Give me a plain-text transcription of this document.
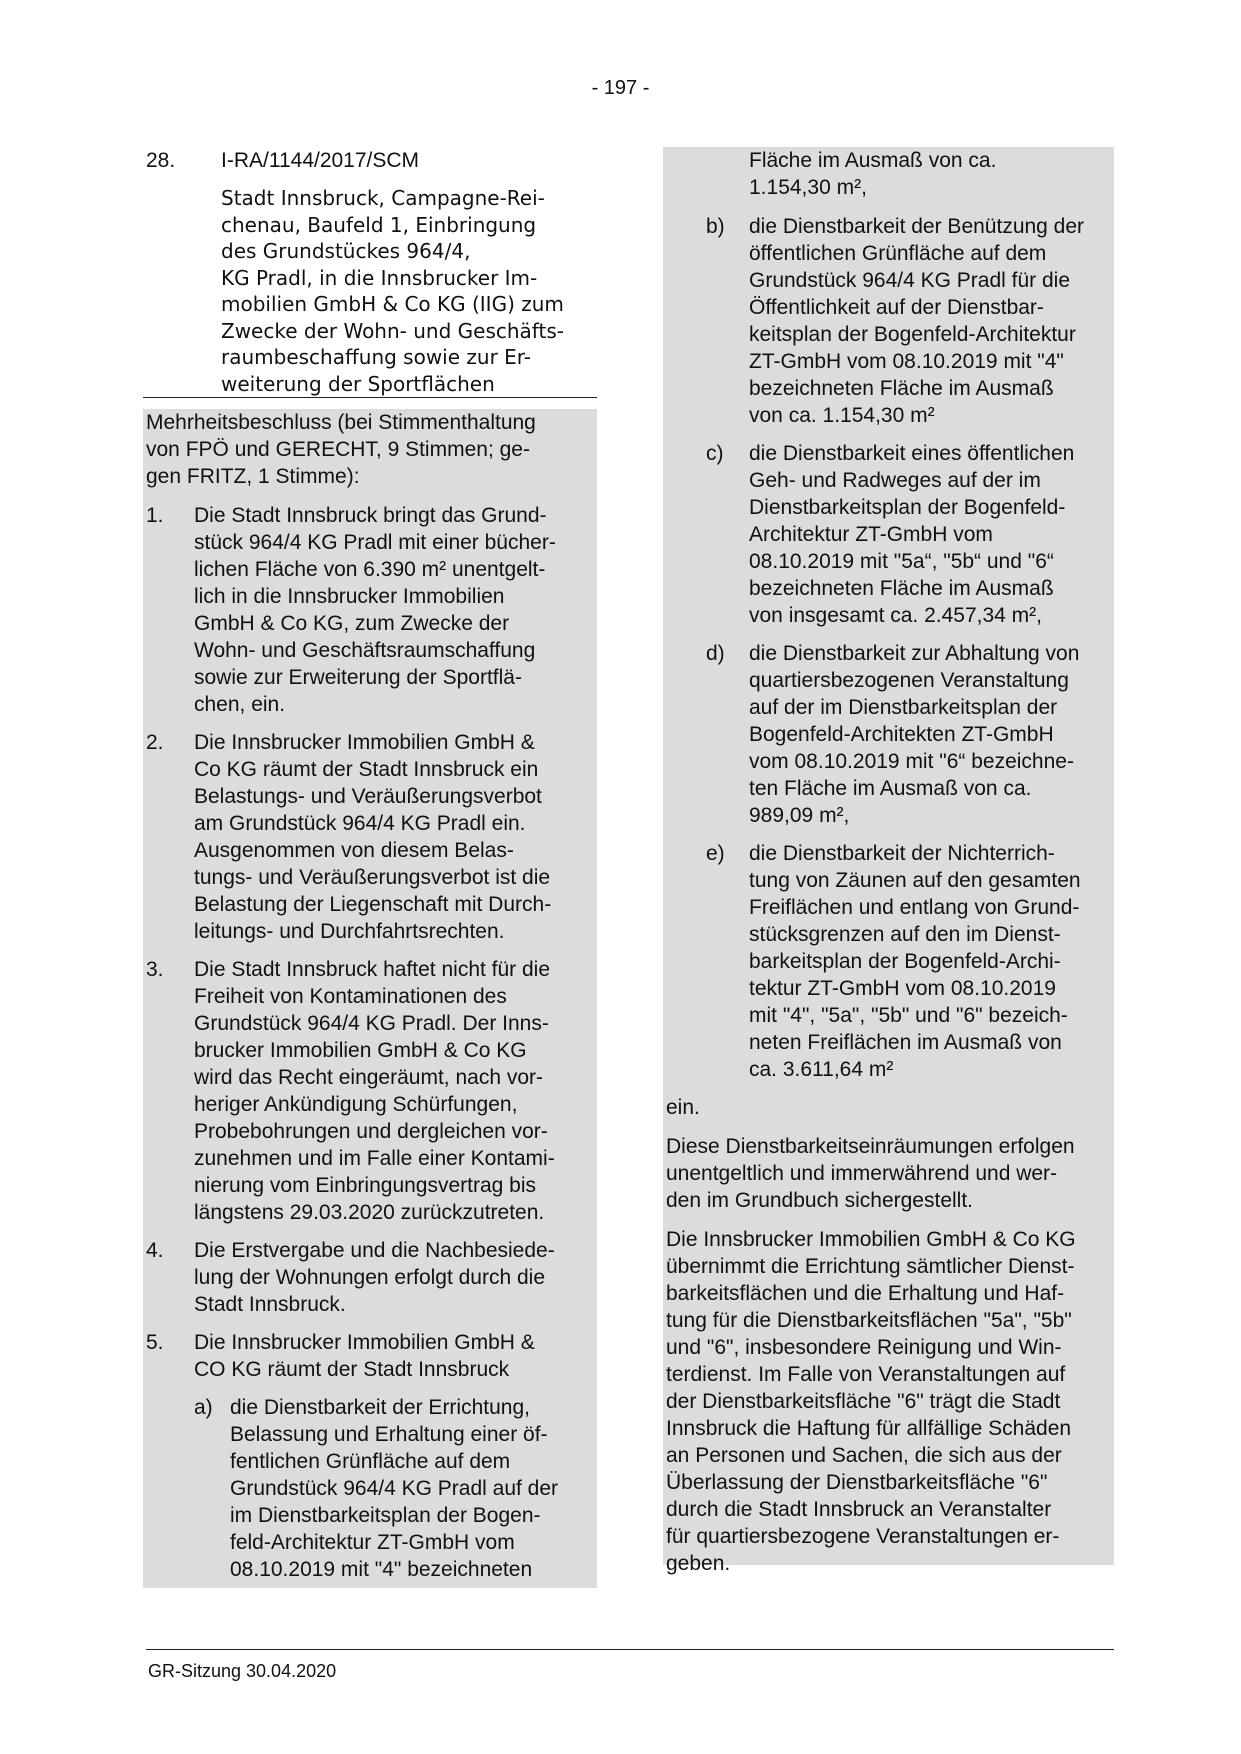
- 197 -
28. I-RA/1144/2017/SCM
Stadt Innsbruck, Campagne-Rei-
chenau, Baufeld 1, Einbringung
des Grundstückes 964/4,
KG Pradl, in die Innsbrucker Im-
mobilien GmbH & Co KG (IIG) zum
Zwecke der Wohn- und Geschäfts-
raumbeschaffung sowie zur Er-
weiterung der Sportflächen
Mehrheitsbeschluss (bei Stimmenthaltung
von FPÖ und GERECHT, 9 Stimmen; ge-
gen FRITZ, 1 Stimme):
1. Die Stadt Innsbruck bringt das Grund-
stück 964/4 KG Pradl mit einer bücher-
lichen Fläche von 6.390 m² unentgelt-
lich in die Innsbrucker Immobilien
GmbH & Co KG, zum Zwecke der
Wohn- und Geschäftsraumschaffung
sowie zur Erweiterung der Sportflä-
chen, ein.
2. Die Innsbrucker Immobilien GmbH &
Co KG räumt der Stadt Innsbruck ein
Belastungs- und Veräußerungsverbot
am Grundstück 964/4 KG Pradl ein.
Ausgenommen von diesem Belas-
tungs- und Veräußerungsverbot ist die
Belastung der Liegenschaft mit Durch-
leitungs- und Durchfahrtsrechten.
3. Die Stadt Innsbruck haftet nicht für die
Freiheit von Kontaminationen des
Grundstück 964/4 KG Pradl. Der Inns-
brucker Immobilien GmbH & Co KG
wird das Recht eingeräumt, nach vor-
heriger Ankündigung Schürfungen,
Probebohrungen und dergleichen vor-
zunehmen und im Falle einer Kontami-
nierung vom Einbringungsvertrag bis
längstens 29.03.2020 zurückzutreten.
4. Die Erstvergabe und die Nachbesiede-
lung der Wohnungen erfolgt durch die
Stadt Innsbruck.
5. Die Innsbrucker Immobilien GmbH &
CO KG räumt der Stadt Innsbruck
a) die Dienstbarkeit der Errichtung,
Belassung und Erhaltung einer öf-
fentlichen Grünfläche auf dem
Grundstück 964/4 KG Pradl auf der
im Dienstbarkeitsplan der Bogen-
feld-Architektur ZT-GmbH vom
08.10.2019 mit "4" bezeichneten
Fläche im Ausmaß von ca.
1.154,30 m²,
b) die Dienstbarkeit der Benützung der
öffentlichen Grünfläche auf dem
Grundstück 964/4 KG Pradl für die
Öffentlichkeit auf der Dienstbar-
keitsplan der Bogenfeld-Architektur
ZT-GmbH vom 08.10.2019 mit "4"
bezeichneten Fläche im Ausmaß
von ca. 1.154,30 m²
c) die Dienstbarkeit eines öffentlichen
Geh- und Radweges auf der im
Dienstbarkeitsplan der Bogenfeld-
Architektur ZT-GmbH vom
08.10.2019 mit "5a“, "5b“ und "6“
bezeichneten Fläche im Ausmaß
von insgesamt ca. 2.457,34 m²,
d) die Dienstbarkeit zur Abhaltung von
quartiersbezogenen Veranstaltung
auf der im Dienstbarkeitsplan der
Bogenfeld-Architekten ZT-GmbH
vom 08.10.2019 mit "6“ bezeichne-
ten Fläche im Ausmaß von ca.
989,09 m²,
e) die Dienstbarkeit der Nichterrich-
tung von Zäunen auf den gesamten
Freiflächen und entlang von Grund-
stücksgrenzen auf den im Dienst-
barkeitsplan der Bogenfeld-Archi-
tektur ZT-GmbH vom 08.10.2019
mit "4", "5a", "5b" und "6" bezeich-
neten Freiflächen im Ausmaß von
ca. 3.611,64 m²
ein.
Diese Dienstbarkeitseinräumungen erfolgen
unentgeltlich und immerwährend und wer-
den im Grundbuch sichergestellt.
Die Innsbrucker Immobilien GmbH & Co KG
übernimmt die Errichtung sämtlicher Dienst-
barkeitsflächen und die Erhaltung und Haf-
tung für die Dienstbarkeitsflächen "5a", "5b"
und "6", insbesondere Reinigung und Win-
terdienst. Im Falle von Veranstaltungen auf
der Dienstbarkeitsfläche "6" trägt die Stadt
Innsbruck die Haftung für allfällige Schäden
an Personen und Sachen, die sich aus der
Überlassung der Dienstbarkeitsfläche "6"
durch die Stadt Innsbruck an Veranstalter
für quartiersbezogene Veranstaltungen er-
geben.
GR-Sitzung 30.04.2020
